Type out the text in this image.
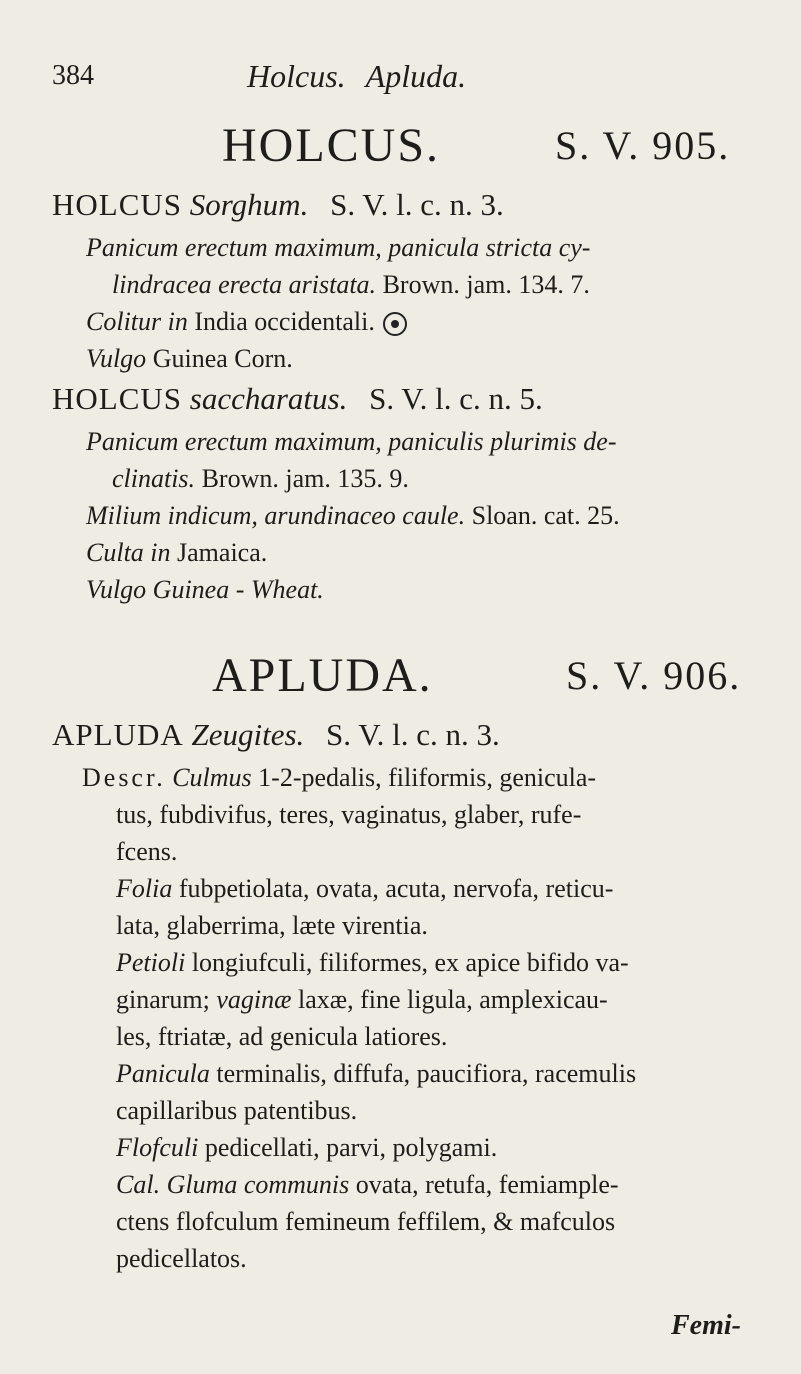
384	Holcus. Apluda.
HOLCUS.	S. V. 905.
HOLCUS Sorghum. S. V. l. c. n. 3.
Panicum erectum maximum, panicula stricta cy-
lindracea erecta aristata. Brown. jam. 134. 7.
Colitur in India occidentali.
Vulgo Guinea Corn.
HOLCUS saccharatus. S. V. l. c. n. 5.
Panicum erectum maximum, paniculis plurimis de-
clinatis. Brown. jam. 135. 9.
Milium indicum, arundinaceo caule. Sloan. cat. 25.
Culta in Jamaica.
Vulgo Guinea - Wheat.
APLUDA.	S. V. 906.
APLUDA Zeugites. S. V. l. c. n. 3.
Descr. Culmus 1-2-pedalis, filiformis, genicula-
tus, fubdivifus, teres, vaginatus, glaber, rufe-
fcens.
Folia fubpetiolata, ovata, acuta, nervofa, reticu-
lata, glaberrima, læte virentia.
Petioli longiufculi, filiformes, ex apice bifido va-
ginarum; vaginæ laxæ, fine ligula, amplexicau-
les, ftriatæ, ad genicula latiores.
Panicula terminalis, diffufa, paucifiora, racemulis
capillaribus patentibus.
Flofculi pedicellati, parvi, polygami.
Cal. Gluma communis ovata, retufa, femiample-
ctens flofculum femineum feffilem, & mafculos
pedicellatos.
Femi-
